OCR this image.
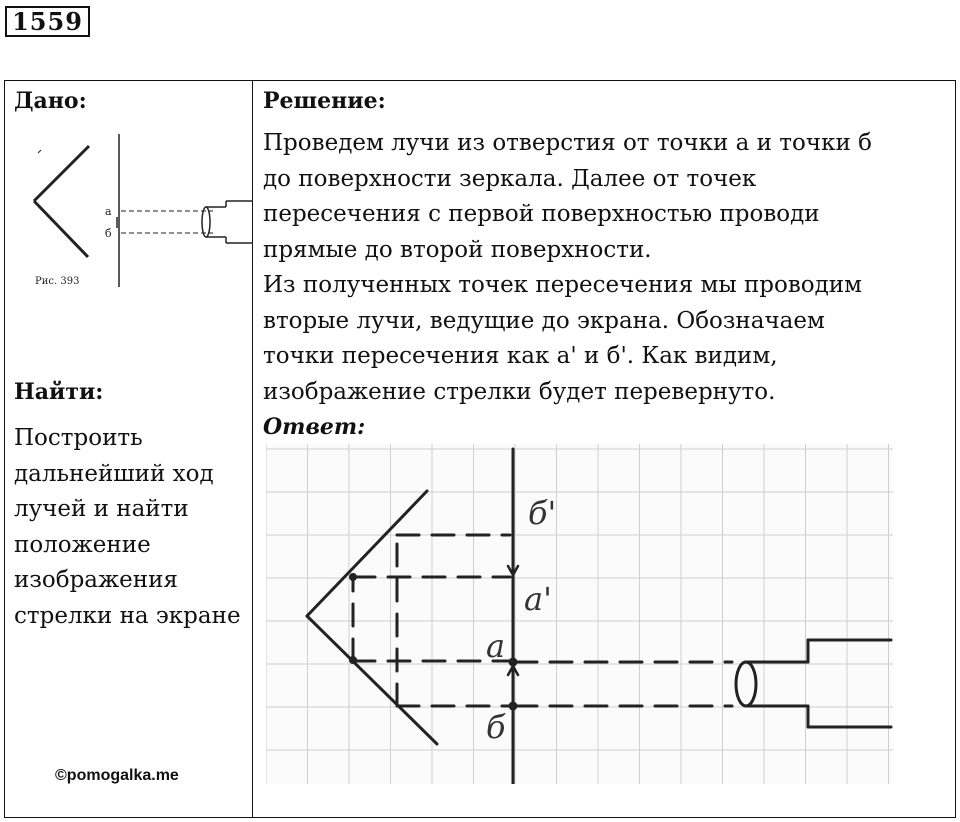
1559
Дано:
а
б
Рис. 393
Найти:
Построить дальнейший ход лучей и найти положение изображения стрелки на экране
Решение:
Проведем лучи из отверстия от точки а и точки б
до поверхности зеркала. Далее от точек
пересечения с первой поверхностью проводи
прямые до второй поверхности.
Из полученных точек пересечения мы проводим
вторые лучи, ведущие до экрана. Обозначаем
точки пересечения как а' и б'. Как видим,
изображение стрелки будет перевернуто.
Ответ:
б'
а'
а
б
©pomogalka.me
